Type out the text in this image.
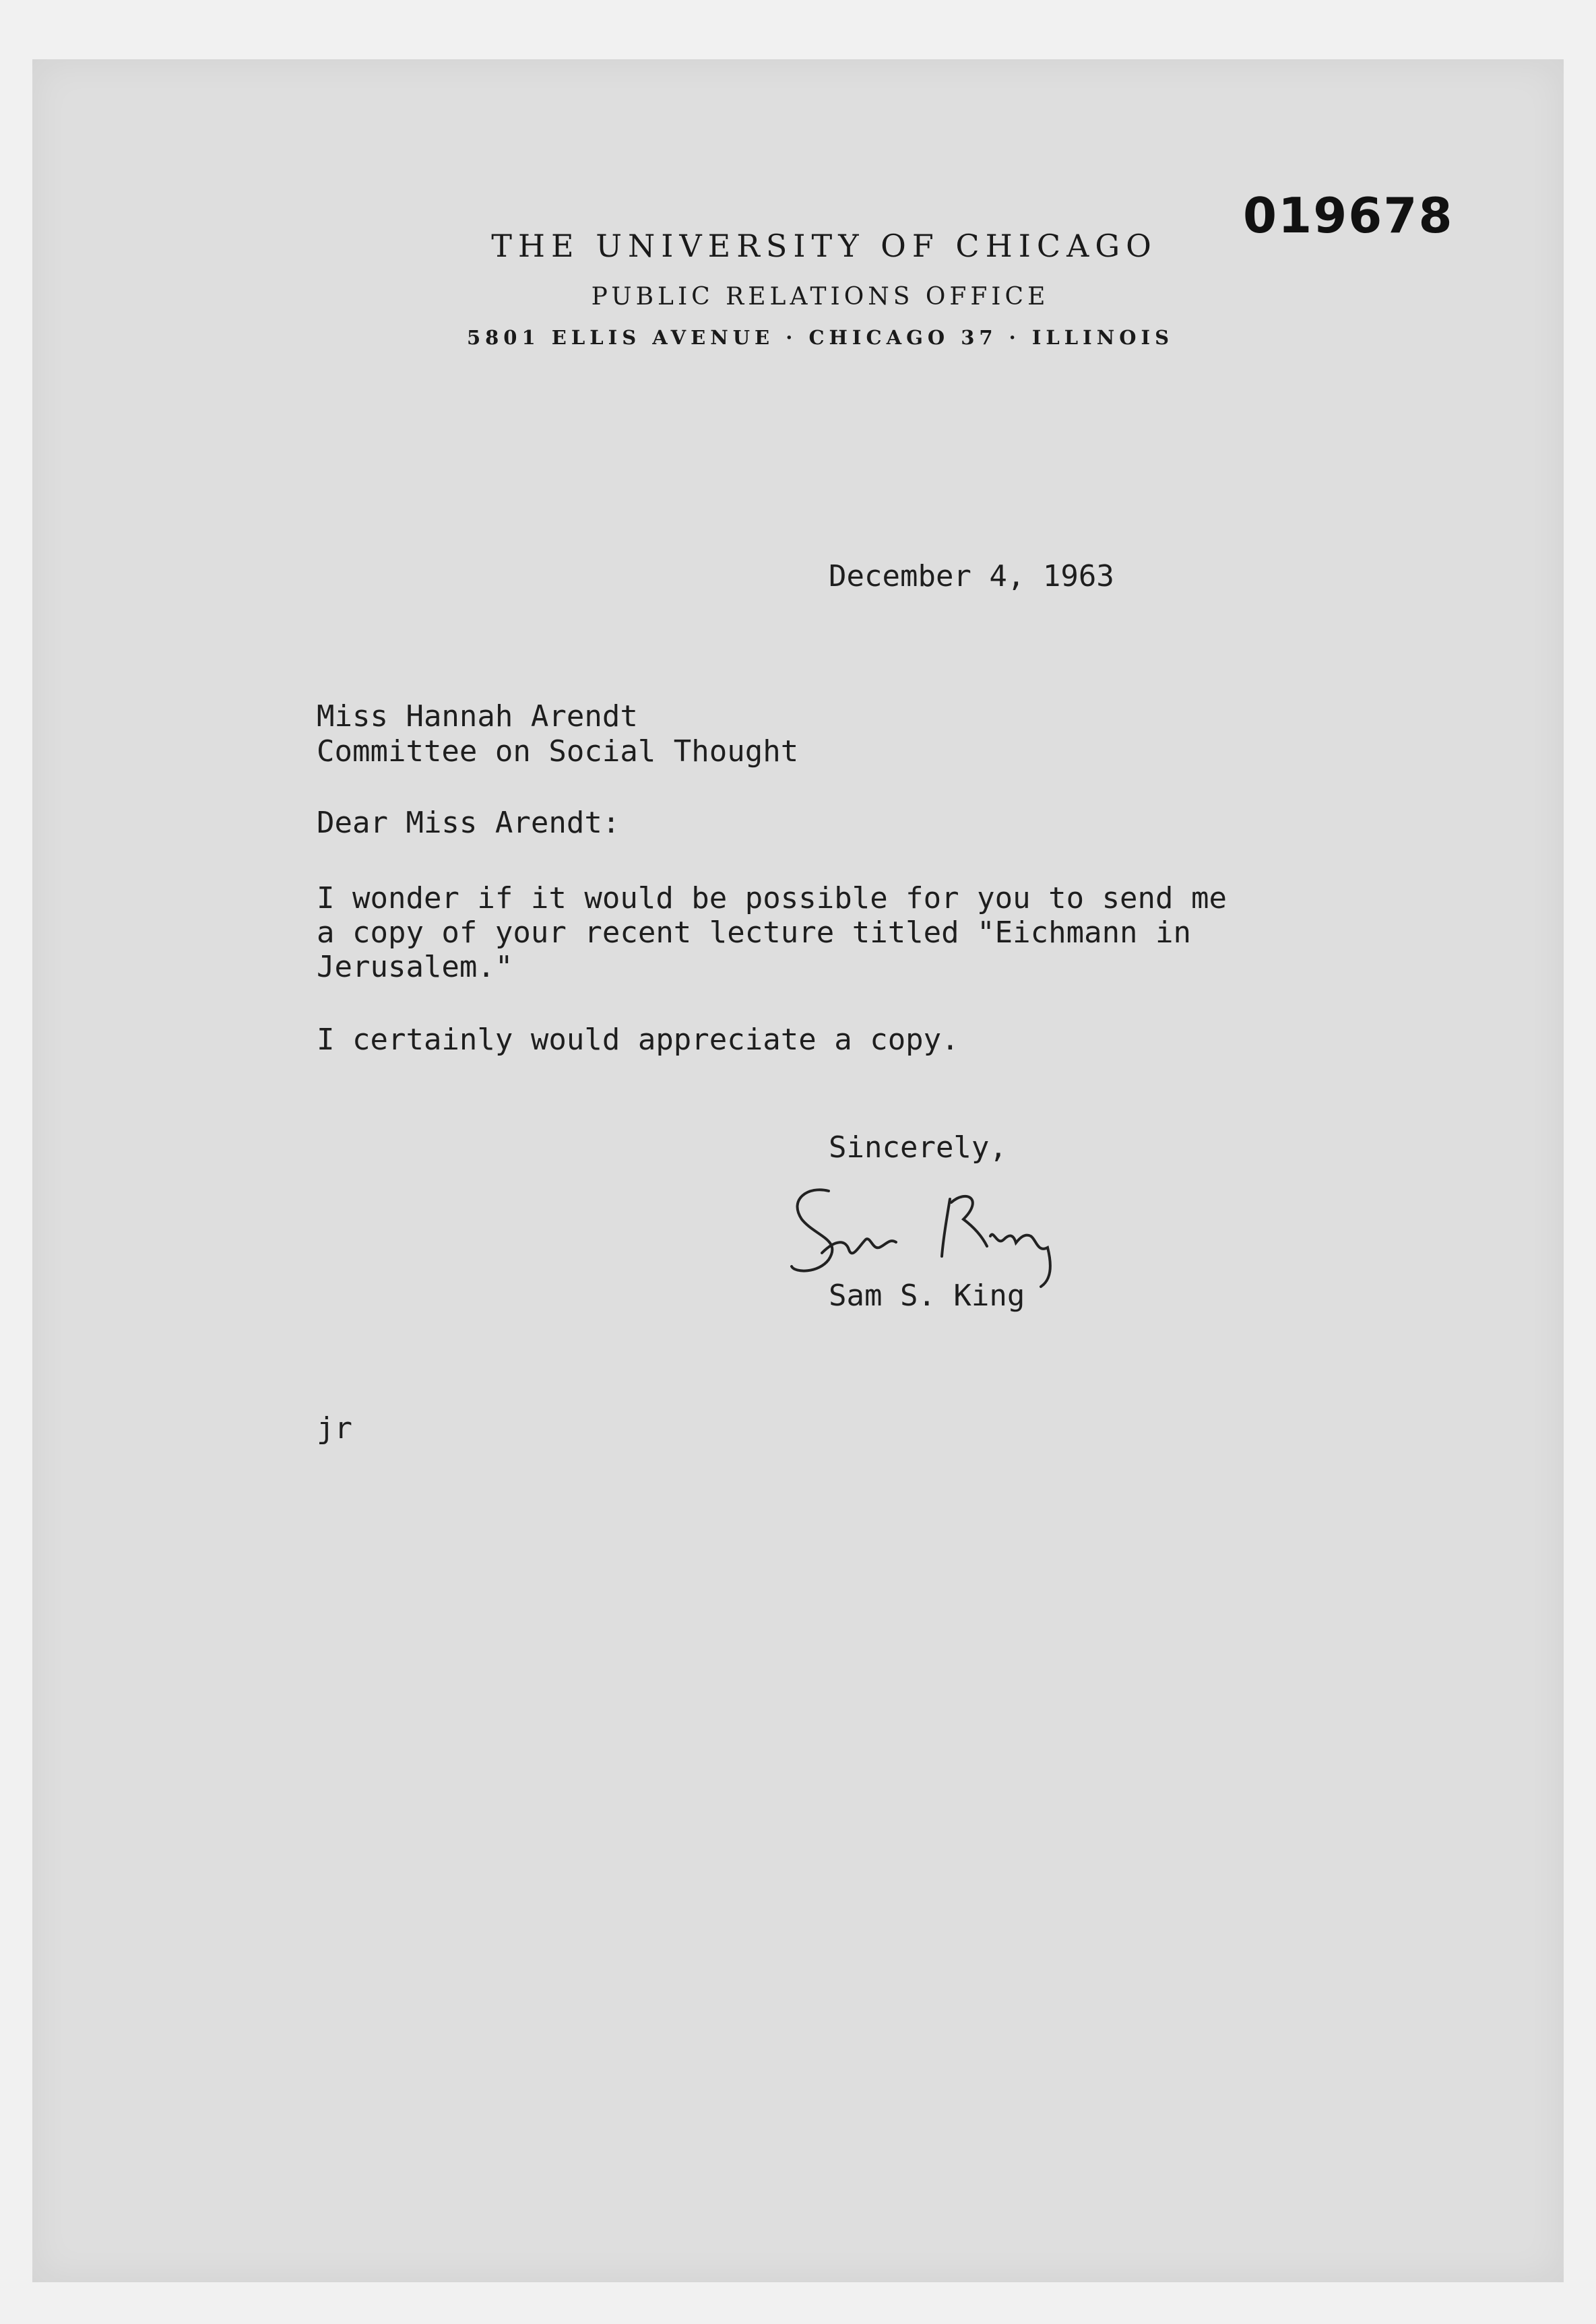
019678
THE UNIVERSITY OF CHICAGO
PUBLIC RELATIONS OFFICE
5801 ELLIS AVENUE · CHICAGO 37 · ILLINOIS
December 4, 1963
Miss Hannah Arendt
Committee on Social Thought
Dear Miss Arendt:
I wonder if it would be possible for you to send me
a copy of your recent lecture titled "Eichmann in
Jerusalem."
I certainly would appreciate a copy.
Sincerely,
Sam S. King
jr
